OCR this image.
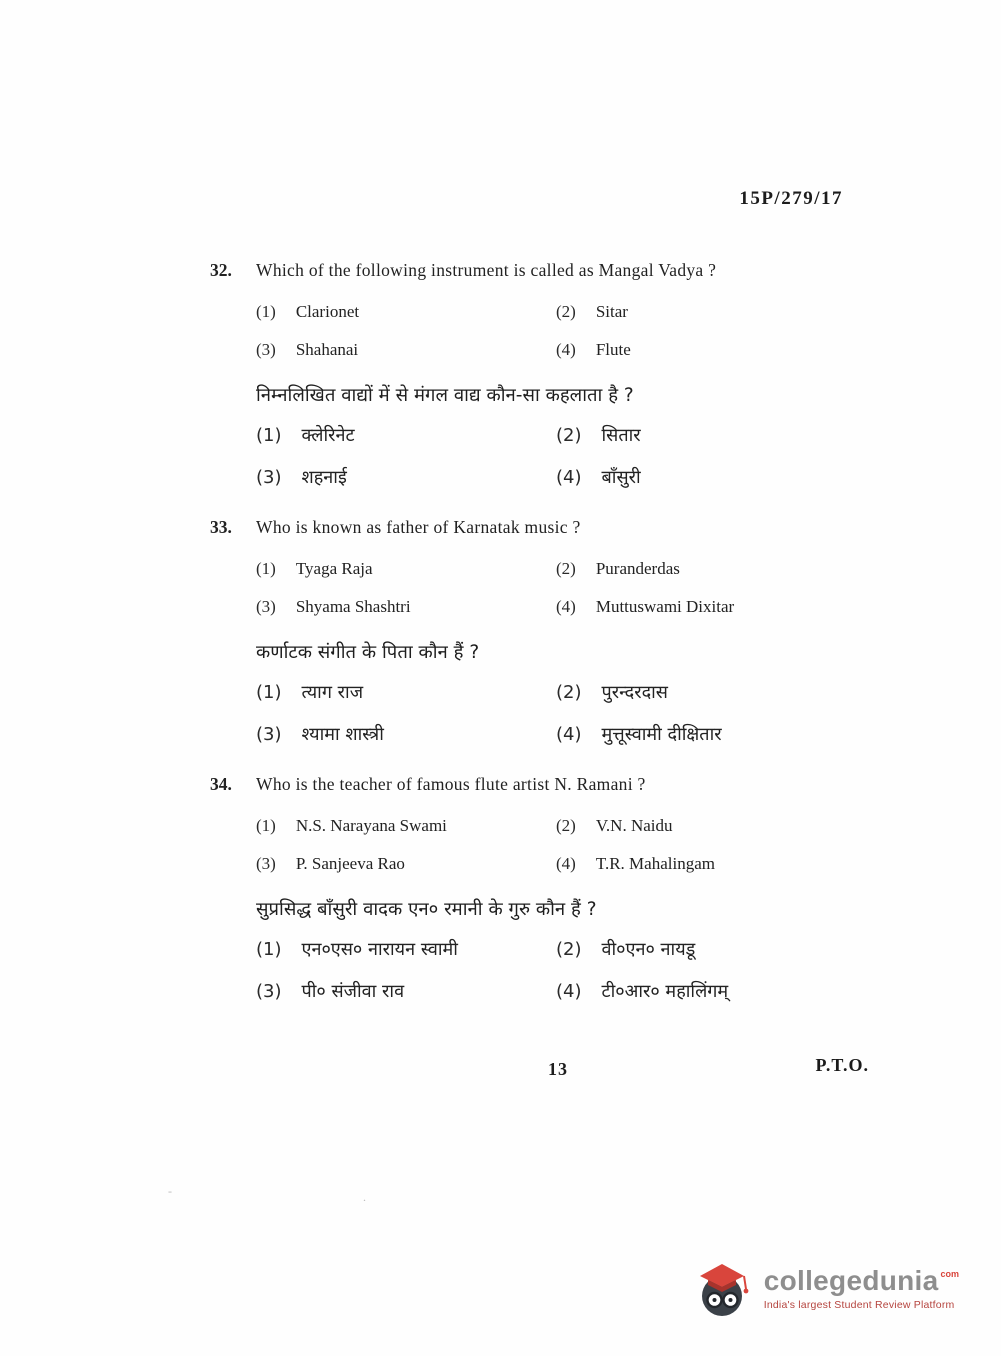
15P/279/17
32.	Which of the following instrument is called as Mangal Vadya ?
(1) Clarionet	(2) Sitar
(3) Shahanai	(4) Flute
निम्नलिखित वाद्यों में से मंगल वाद्य कौन-सा कहलाता है ?
(1) क्लेरिनेट	(2) सितार
(3) शहनाई	(4) बाँसुरी
33.	Who is known as father of Karnatak music ?
(1) Tyaga Raja	(2) Puranderdas
(3) Shyama Shashtri	(4) Muttuswami Dixitar
कर्णाटक संगीत के पिता कौन हैं ?
(1) त्याग राज	(2) पुरन्दरदास
(3) श्यामा शास्त्री	(4) मुत्तूस्वामी दीक्षितार
34.	Who is the teacher of famous flute artist N. Ramani ?
(1) N.S. Narayana Swami	(2) V.N. Naidu
(3) P. Sanjeeva Rao	(4) T.R. Mahalingam
सुप्रसिद्ध बाँसुरी वादक एन० रमानी के गुरु कौन हैं ?
(1) एन०एस० नारायन स्वामी	(2) वी०एन० नायडू
(3) पी० संजीवा राव	(4) टी०आर० महालिंगम्
13	P.T.O.
-	.
collegedunia com
India's largest Student Review Platform
